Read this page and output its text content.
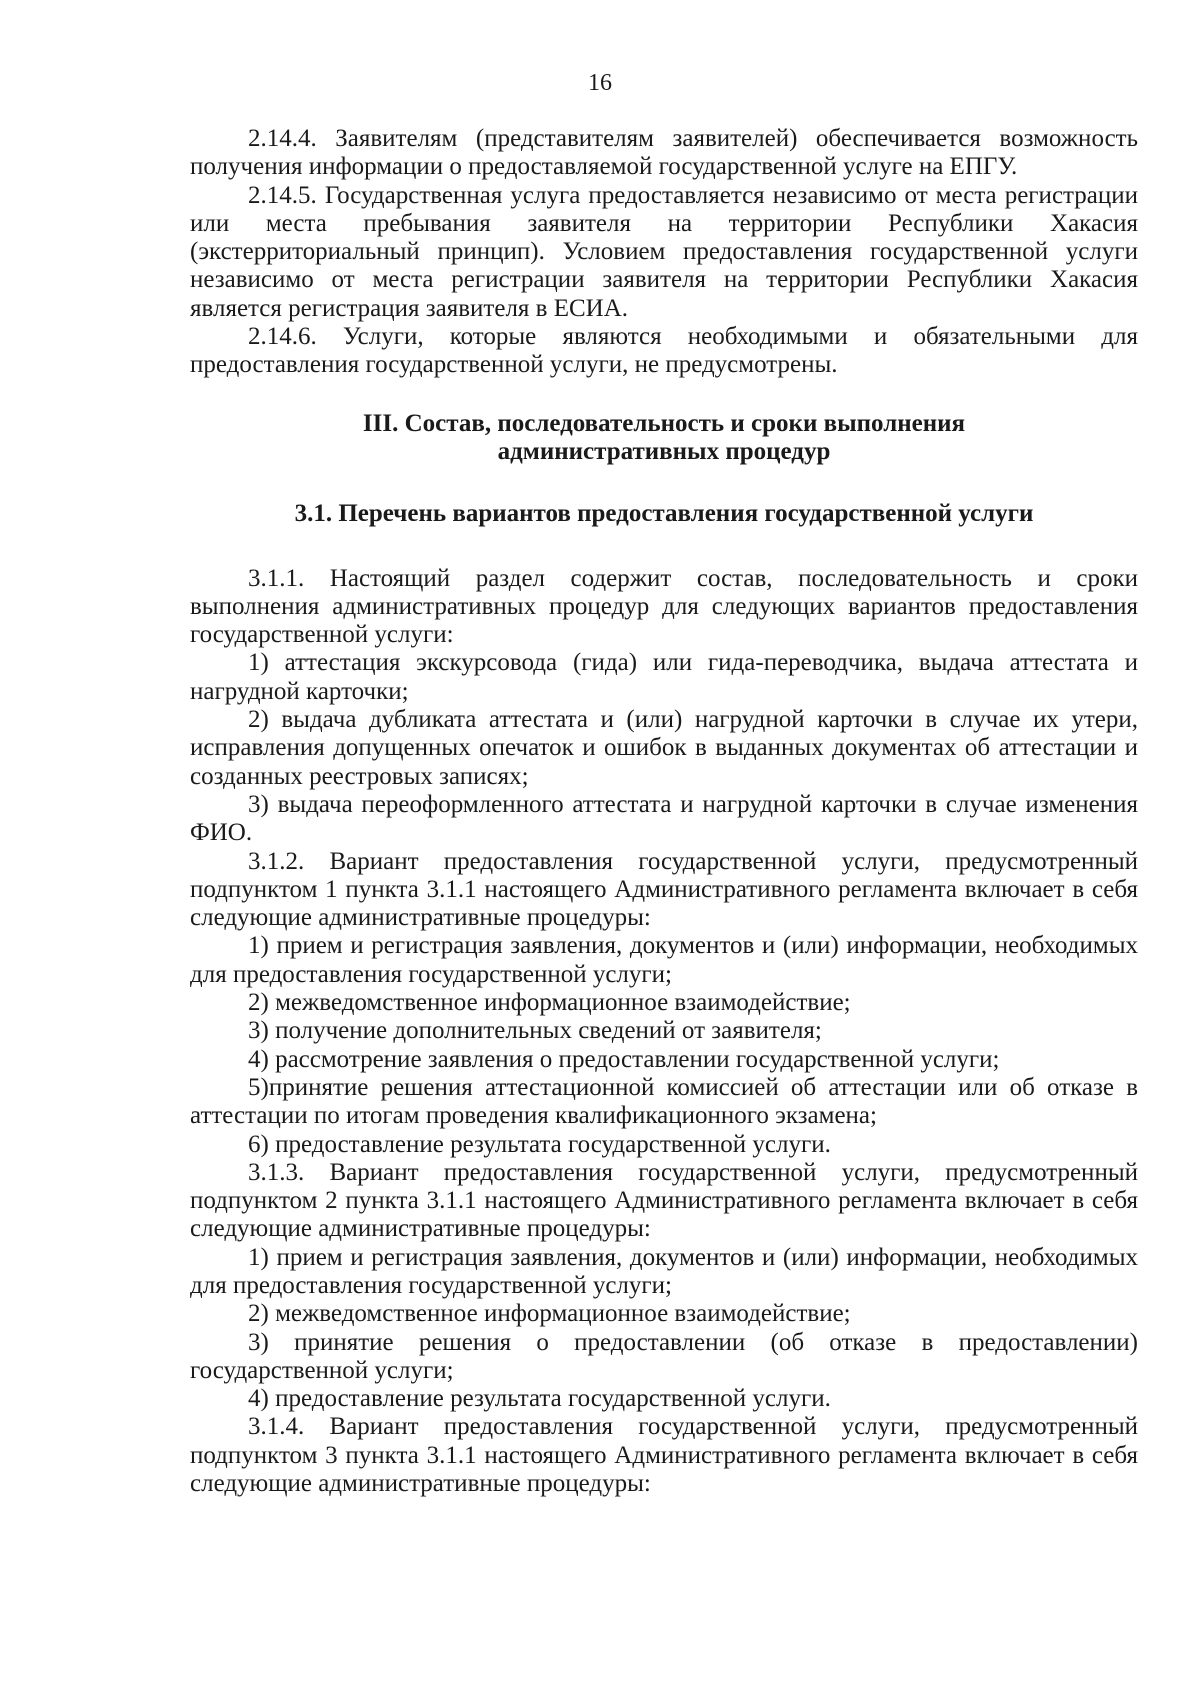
16

2.14.4. Заявителям (представителям заявителей) обеспечивается возможность получения информации о предоставляемой государственной услуге на ЕПГУ.

2.14.5. Государственная услуга предоставляется независимо от места регистрации или места пребывания заявителя на территории Республики Хакасия (экстерриториальный принцип). Условием предоставления государственной услуги независимо от места регистрации заявителя на территории Республики Хакасия является регистрация заявителя в ЕСИА.

2.14.6. Услуги, которые являются необходимыми и обязательными для предоставления государственной услуги, не предусмотрены.

III. Состав, последовательность и сроки выполнения
административных процедур
3.1. Перечень вариантов предоставления государственной услуги

3.1.1. Настоящий раздел содержит состав, последовательность и сроки выполнения административных процедур для следующих вариантов предоставления государственной услуги:

1) аттестация экскурсовода (гида) или гида-переводчика, выдача аттестата и нагрудной карточки;

2) выдача дубликата аттестата и (или) нагрудной карточки в случае их утери, исправления допущенных опечаток и ошибок в выданных документах об аттестации и созданных реестровых записях;

3) выдача переоформленного аттестата и нагрудной карточки в случае изменения ФИО.

3.1.2. Вариант предоставления государственной услуги, предусмотренный подпунктом 1 пункта 3.1.1 настоящего Административного регламента включает в себя следующие административные процедуры:

1) прием и регистрация заявления, документов и (или) информации, необходимых для предоставления государственной услуги;

2) межведомственное информационное взаимодействие;

3) получение дополнительных сведений от заявителя;

4) рассмотрение заявления о предоставлении государственной услуги;

5)принятие решения аттестационной комиссией об аттестации или об отказе в аттестации по итогам проведения квалификационного экзамена;

6) предоставление результата государственной услуги.

3.1.3. Вариант предоставления государственной услуги, предусмотренный подпунктом 2 пункта 3.1.1 настоящего Административного регламента включает в себя следующие административные процедуры:

1) прием и регистрация заявления, документов и (или) информации, необходимых для предоставления государственной услуги;

2) межведомственное информационное взаимодействие;

3) принятие решения о предоставлении (об отказе в предоставлении) государственной услуги;

4) предоставление результата государственной услуги.

3.1.4. Вариант предоставления государственной услуги, предусмотренный подпунктом 3 пункта 3.1.1 настоящего Административного регламента включает в себя следующие административные процедуры:
